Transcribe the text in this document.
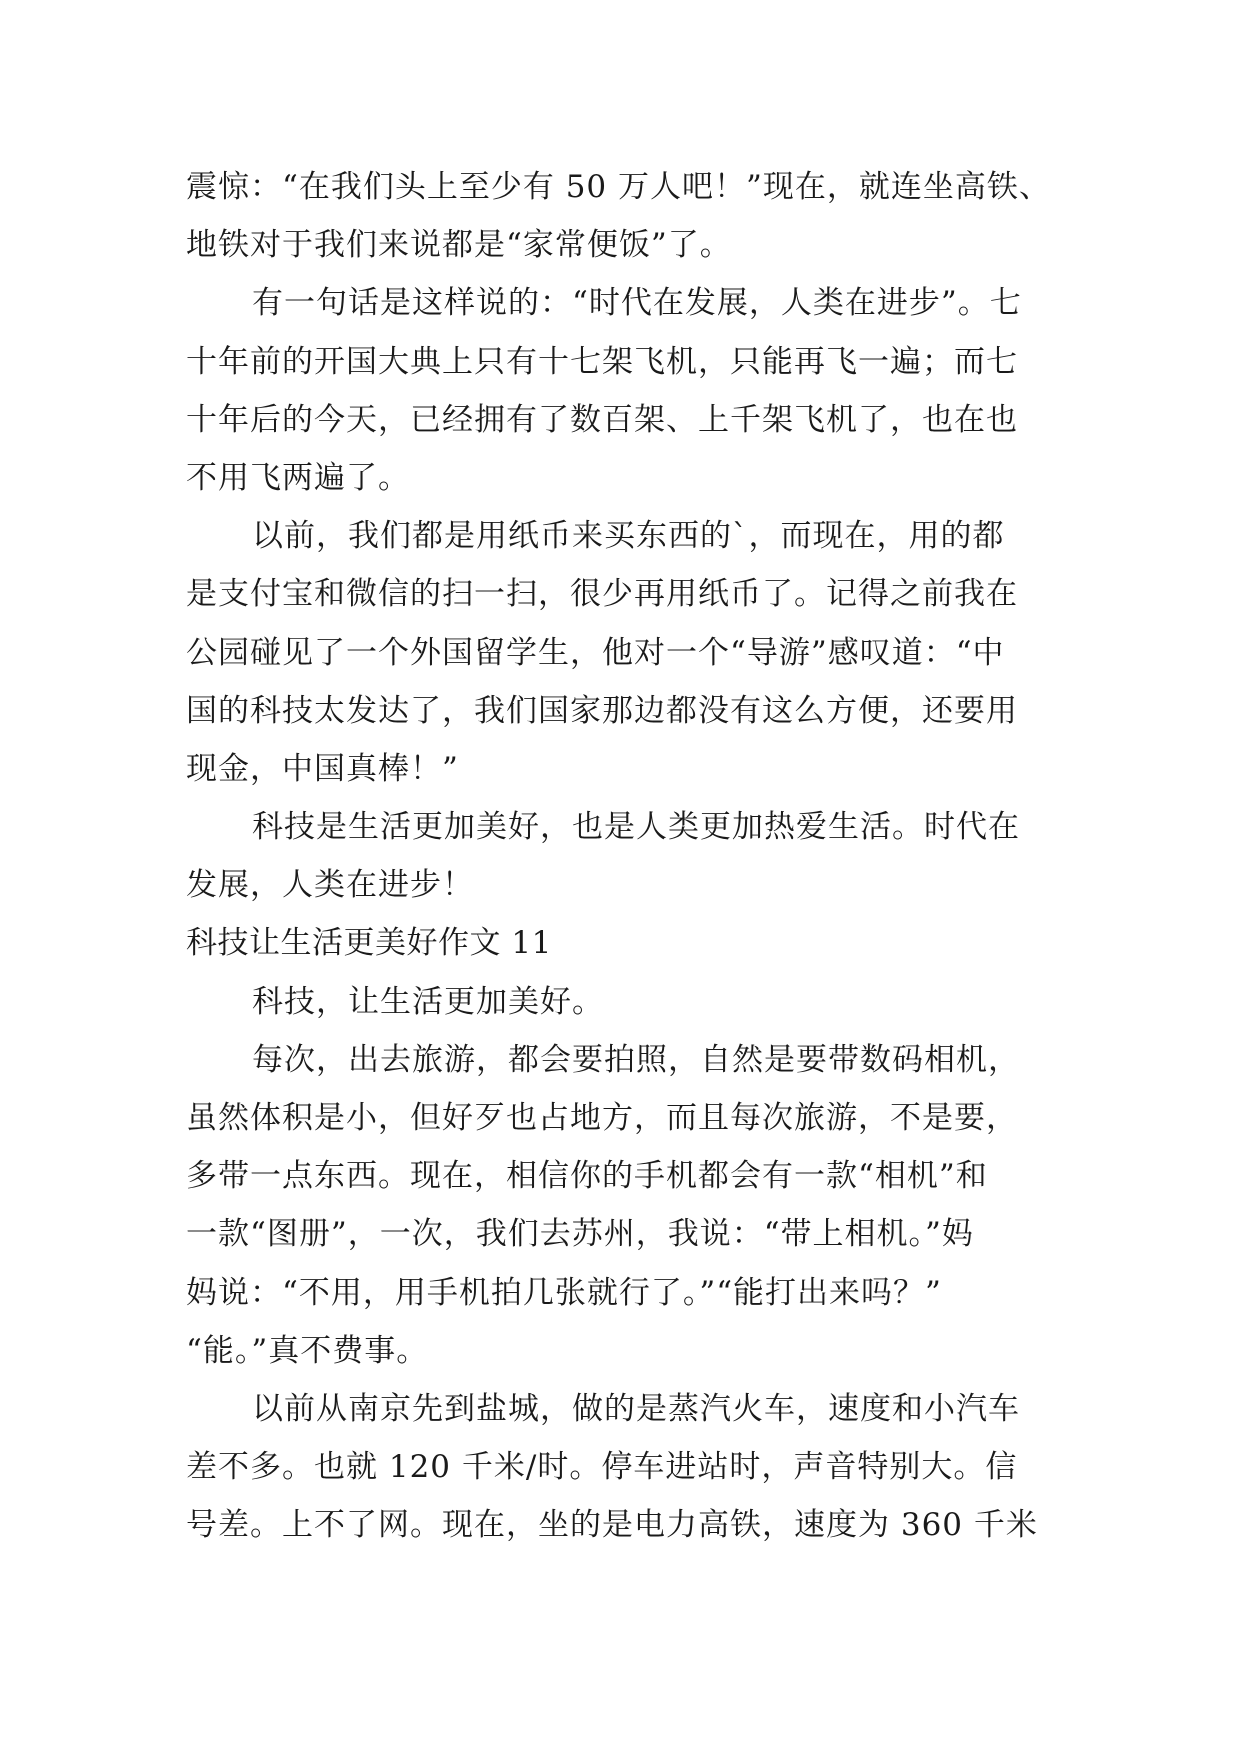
震惊：“在我们头上至少有 50 万人吧！”现在，就连坐高铁、
地铁对于我们来说都是“家常便饭”了。
有一句话是这样说的：“时代在发展，人类在进步”。七
十年前的开国大典上只有十七架飞机，只能再飞一遍；而七
十年后的今天，已经拥有了数百架、上千架飞机了，也在也
不用飞两遍了。
以前，我们都是用纸币来买东西的`，而现在，用的都
是支付宝和微信的扫一扫，很少再用纸币了。记得之前我在
公园碰见了一个外国留学生，他对一个“导游”感叹道：“中
国的科技太发达了，我们国家那边都没有这么方便，还要用
现金，中国真棒！”
科技是生活更加美好，也是人类更加热爱生活。时代在
发展，人类在进步！
科技让生活更美好作文 11
科技，让生活更加美好。
每次，出去旅游，都会要拍照，自然是要带数码相机，
虽然体积是小，但好歹也占地方，而且每次旅游，不是要，
多带一点东西。现在，相信你的手机都会有一款“相机”和
一款“图册”，一次，我们去苏州，我说：“带上相机。”妈
妈说：“不用，用手机拍几张就行了。”“能打出来吗？”
“能。”真不费事。
以前从南京先到盐城，做的是蒸汽火车，速度和小汽车
差不多。也就 120 千米/时。停车进站时，声音特别大。信
号差。上不了网。现在，坐的是电力高铁，速度为 360 千米
